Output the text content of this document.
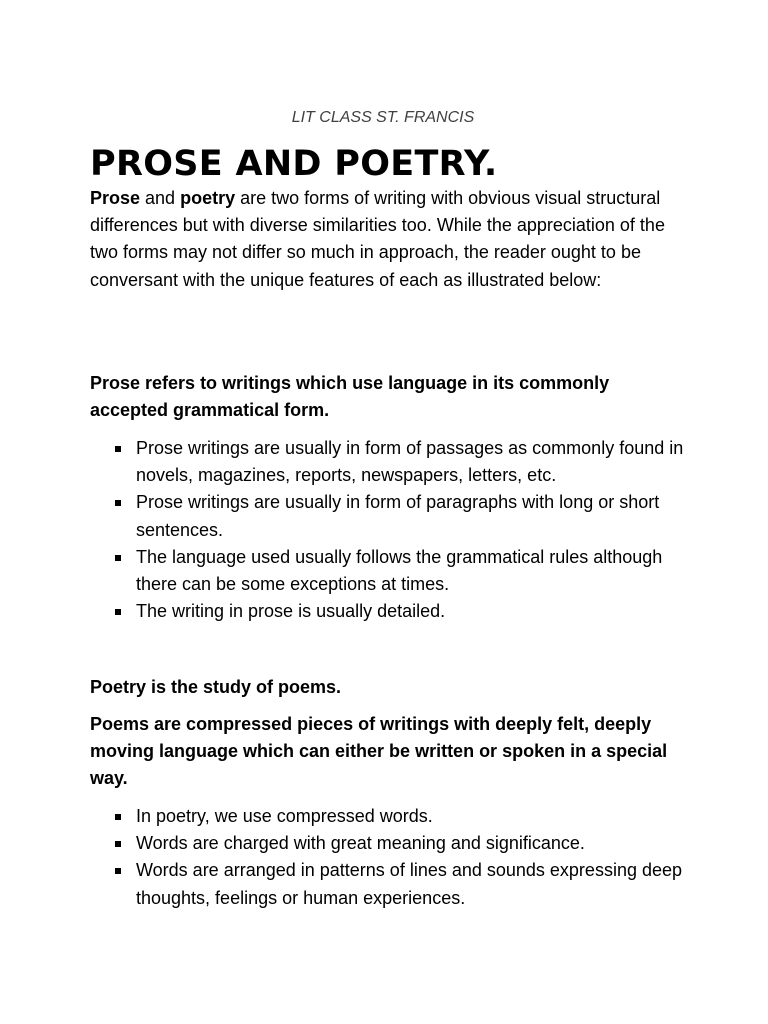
LIT CLASS ST. FRANCIS
PROSE AND POETRY.

Prose and poetry are two forms of writing with obvious visual structural differences but with diverse similarities too. While the appreciation of the two forms may not differ so much in approach, the reader ought to be conversant with the unique features of each as illustrated below:

Prose refers to writings which use language in its commonly accepted grammatical form.

Prose writings are usually in form of passages as commonly found in novels, magazines, reports, newspapers, letters, etc.
Prose writings are usually in form of paragraphs with long or short sentences.
The language used usually follows the grammatical rules although there can be some exceptions at times.
The writing in prose is usually detailed.

Poetry is the study of poems.

Poems are compressed pieces of writings with deeply felt, deeply moving language which can either be written or spoken in a special way.

In poetry, we use compressed words.
Words are charged with great meaning and significance.
Words are arranged in patterns of lines and sounds expressing deep thoughts, feelings or human experiences.
